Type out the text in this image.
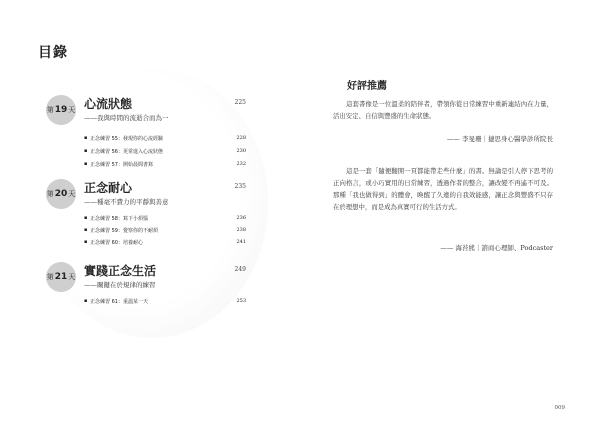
目錄
第 19 天 心流狀態	225
——我與時間的流逝合而為一
▪ 正念練習 55：發現你的心流經驗	228
▪ 正念練習 56：更常進入心流狀態	230
▪ 正念練習 57：開始晨間書寫	232
第 20 天 正念耐心	235
——種毫不費力的平靜與善意
▪ 正念練習 58：寫下小煩惱	236
▪ 正念練習 59：覺察你的不耐煩	238
▪ 正念練習 60：培養耐心	241
第 21 天 實踐正念生活	249
——關鍵在於規律的練習
▪ 正念練習 61：重溫某一天	253
好評推薦

這套書像是一位溫柔的陪伴者，帶領你從日常練習中重新連結內在力量，活出安定、自信與豐盛的生命狀態。

—— 李旻珊｜捷思身心醫學診所院長

這是一套「隨便翻開一頁都能帶走些什麼」的書。無論是引人停下思考的正向格言，或小巧實用的日常練習，透過作者的整合，讓改變不再遙不可及。那種「我也做得到」的體會，喚醒了久違的自我效能感，讓正念與豐盛不只存在於理想中，而是成為真實可行的生活方式。

—— 海苔熊｜諮商心理師、Podcaster
009
